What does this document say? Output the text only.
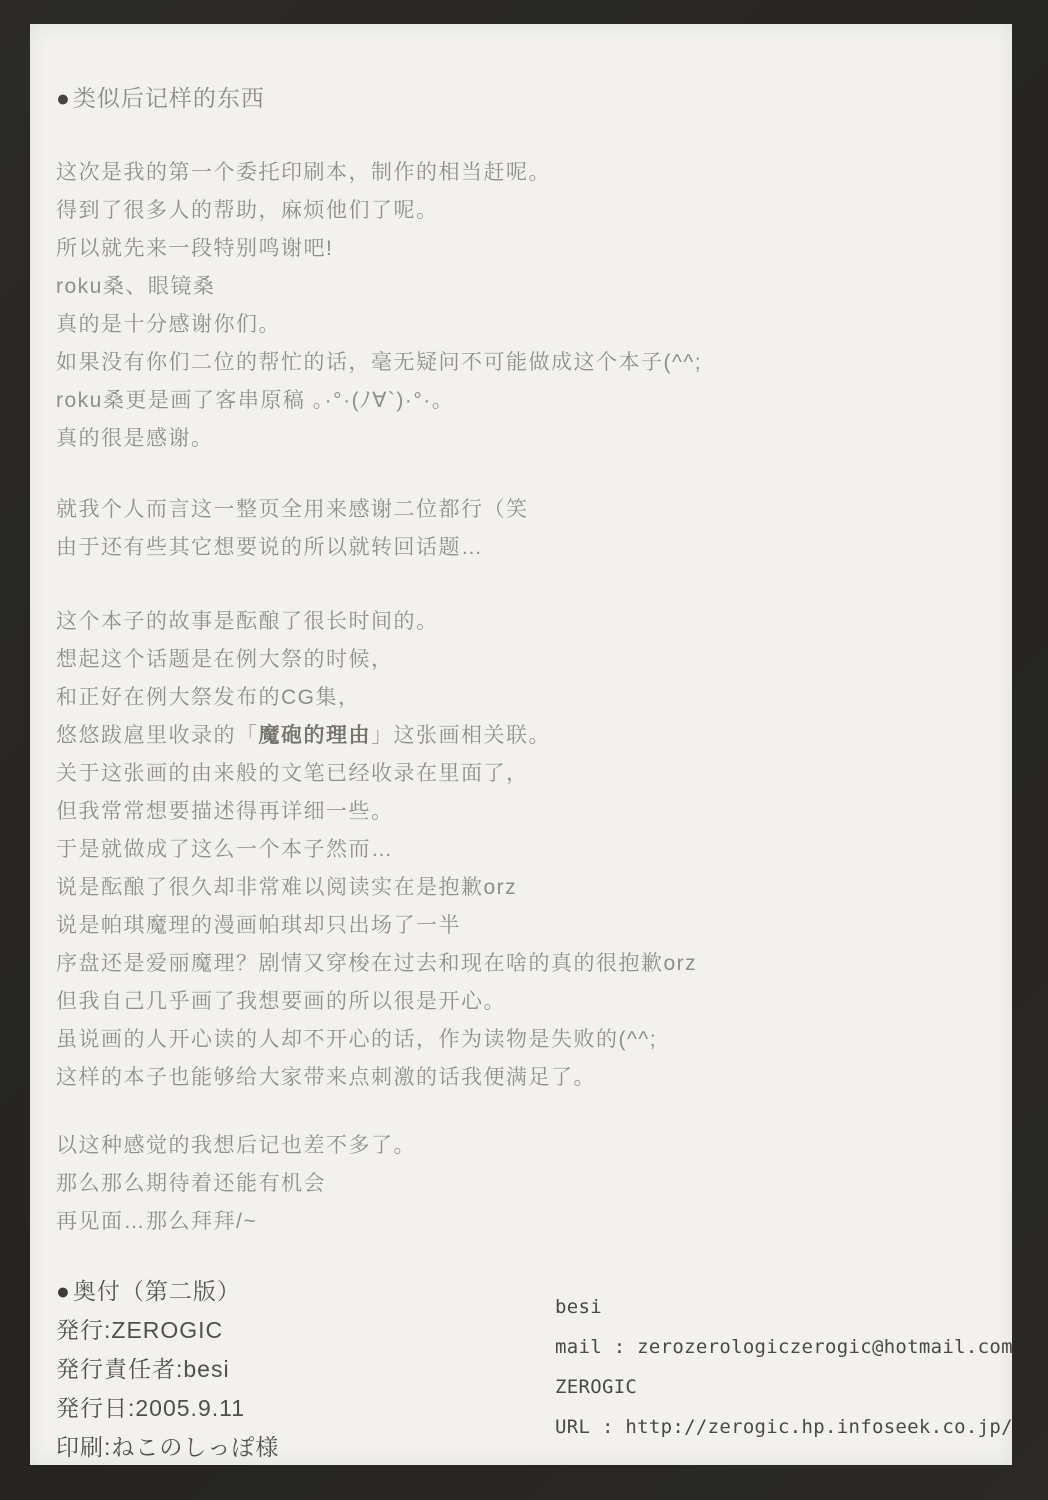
●类似后记样的东西
这次是我的第一个委托印刷本，制作的相当赶呢。
得到了很多人的帮助，麻烦他们了呢。
所以就先来一段特别鸣谢吧!
roku桑、眼镜桑
真的是十分感谢你们。
如果没有你们二位的帮忙的话，毫无疑问不可能做成这个本子(^^;
roku桑更是画了客串原稿 。·°·(ﾉ∀`)·°·。
真的很是感谢。
就我个人而言这一整页全用来感谢二位都行（笑
由于还有些其它想要说的所以就转回话题…
这个本子的故事是酝酿了很长时间的。
想起这个话题是在例大祭的时候，
和正好在例大祭发布的CG集，
悠悠跋扈里收录的「魔砲的理由」这张画相关联。
关于这张画的由来般的文笔已经收录在里面了，
但我常常想要描述得再详细一些。
于是就做成了这么一个本子然而…
说是酝酿了很久却非常难以阅读实在是抱歉orz
说是帕琪魔理的漫画帕琪却只出场了一半
序盘还是爱丽魔理？剧情又穿梭在过去和现在啥的真的很抱歉orz
但我自己几乎画了我想要画的所以很是开心。
虽说画的人开心读的人却不开心的话，作为读物是失败的(^^;
这样的本子也能够给大家带来点刺激的话我便满足了。
以这种感觉的我想后记也差不多了。
那么那么期待着还能有机会
再见面…那么拜拜/~
●奥付（第二版）
発行:ZEROGIC
発行責任者:besi
発行日:2005.9.11
印刷:ねこのしっぽ様
besi
mail : zerozerologiczerogic@hotmail.com
ZEROGIC
URL : http://zerogic.hp.infoseek.co.jp/
